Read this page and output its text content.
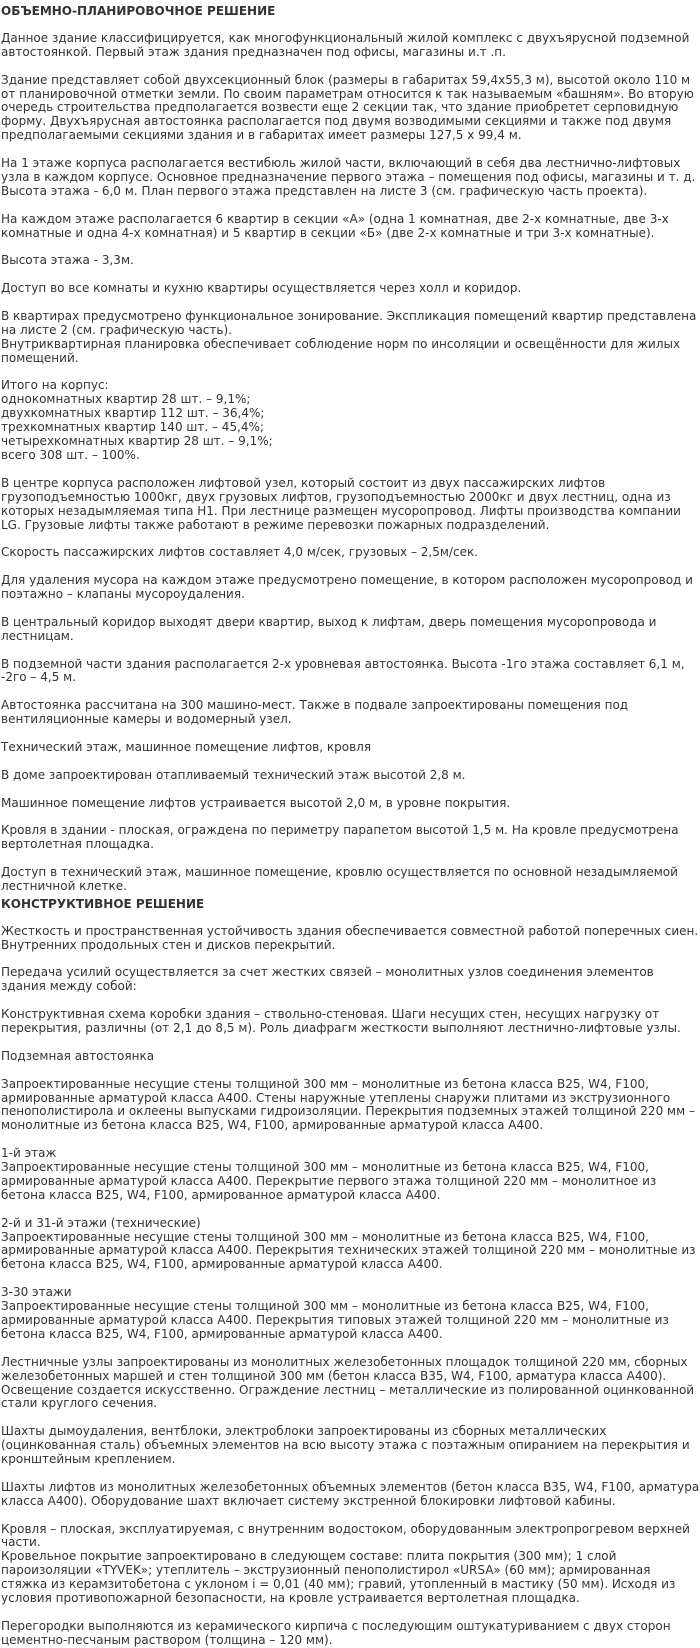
ОБЪЕМНО-ПЛАНИРОВОЧНОЕ РЕШЕНИЕ

Данное здание классифицируется, как многофункциональный жилой комплекс с двухъярусной подземной автостоянкой. Первый этаж здания предназначен под офисы, магазины и.т .п.

Здание представляет собой двухсекционный блок (размеры в габаритах 59,4х55,3 м), высотой около 110 м от планировочной отметки земли. По своим параметрам относится к так называемым «башням». Во вторую очередь строительства предполагается возвести еще 2 секции так, что здание приобретет серповидную форму. Двухъярусная автостоянка располагается под двумя возводимыми секциями и также под двумя предполагаемыми секциями здания и в габаритах имеет размеры 127,5 х 99,4 м.

На 1 этаже корпуса располагается вестибюль жилой части, включающий в себя два лестнично-лифтовых узла в каждом корпусе. Основное предназначение первого этажа – помещения под офисы, магазины и т. д. Высота этажа - 6,0 м. План первого этажа представлен на листе 3 (см. графическую часть проекта).

На каждом этаже располагается 6 квартир в секции «А» (одна 1 комнатная, две 2-х комнатные, две 3-х комнатные и одна 4-х комнатная) и 5 квартир в секции «Б» (две 2-х комнатные и три 3-х комнатные).

Высота этажа - 3,3м.

Доступ во все комнаты и кухню квартиры осуществляется через холл и коридор.

В квартирах предусмотрено функциональное зонирование. Экспликация помещений квартир представлена на листе 2 (см. графическую часть).
Внутриквартирная планировка обеспечивает соблюдение норм по инсоляции и освещённости для жилых помещений.

Итого на корпус:
однокомнатных квартир 28 шт. – 9,1%;
двухкомнатных квартир 112 шт. – 36,4%;
трехкомнатных квартир 140 шт. – 45,4%;
четырехкомнатных квартир 28 шт. – 9,1%;
всего 308 шт. – 100%.

В центре корпуса расположен лифтовой узел, который состоит из двух пассажирских лифтов грузоподъемностью 1000кг, двух грузовых лифтов, грузоподъемностью 2000кг и двух лестниц, одна из которых незадымляемая типа Н1. При лестнице размещен мусоропровод. Лифты производства компании LG. Грузовые лифты также работают в режиме перевозки пожарных подразделений.

Скорость пассажирских лифтов составляет 4,0 м/сек, грузовых – 2,5м/сек.

Для удаления мусора на каждом этаже предусмотрено помещение, в котором расположен мусоропровод и поэтажно – клапаны мусороудаления.

В центральный коридор выходят двери квартир, выход к лифтам, дверь помещения мусоропровода и лестницам.

В подземной части здания располагается 2-х уровневая автостоянка. Высота -1го этажа составляет 6,1 м, -2го – 4,5 м.

Автостоянка рассчитана на 300 машино-мест. Также в подвале запроектированы помещения под вентиляционные камеры и водомерный узел.

Технический этаж, машинное помещение лифтов, кровля

В доме запроектирован отапливаемый технический этаж высотой 2,8 м.

Машинное помещение лифтов устраивается высотой 2,0 м, в уровне покрытия.

Кровля в здании - плоская, ограждена по периметру парапетом высотой 1,5 м. На кровле предусмотрена вертолетная площадка.

Доступ в технический этаж, машинное помещение, кровлю осуществляется по основной незадымляемой лестничной клетке.

КОНСТРУКТИВНОЕ РЕШЕНИЕ

Жесткость и пространственная устойчивость здания обеспечивается совместной работой поперечных сиен. Внутренних продольных стен и дисков перекрытий.

Передача усилий осуществляется за счет жестких связей – монолитных узлов соединения элементов здания между собой:

Конструктивная схема коробки здания – ствольно-стеновая. Шаги несущих стен, несущих нагрузку от перекрытия, различны (от 2,1 до 8,5 м). Роль диафрагм жесткости выполняют лестнично-лифтовые узлы.

Подземная автостоянка

Запроектированные несущие стены толщиной 300 мм – монолитные из бетона класса В25, W4, F100, армированные арматурой класса А400. Стены наружные утеплены снаружи плитами из экструзионного пенополистирола и оклеены выпусками гидроизоляции. Перекрытия подземных этажей толщиной 220 мм – монолитные из бетона класса В25, W4, F100, армированные арматурой класса А400.

1-й этаж
Запроектированные несущие стены толщиной 300 мм – монолитные из бетона класса В25, W4, F100, армированные арматурой класса А400. Перекрытие первого этажа толщиной 220 мм – монолитное из бетона класса В25, W4, F100, армированное арматурой класса А400.

2-й и 31-й этажи (технические)
Запроектированные несущие стены толщиной 300 мм – монолитные из бетона класса В25, W4, F100, армированные арматурой класса А400. Перекрытия технических этажей толщиной 220 мм – монолитные из бетона класса В25, W4, F100, армированные арматурой класса А400.

3-30 этажи
Запроектированные несущие стены толщиной 300 мм – монолитные из бетона класса В25, W4, F100, армированные арматурой класса А400. Перекрытия типовых этажей толщиной 220 мм – монолитные из бетона класса В25, W4, F100, армированные арматурой класса А400.

Лестничные узлы запроектированы из монолитных железобетонных площадок толщиной 220 мм, сборных железобетонных маршей и стен толщиной 300 мм (бетон класса В35, W4, F100, арматура класса А400). Освещение создается искусственно. Ограждение лестниц – металлические из полированной оцинкованной стали круглого сечения.

Шахты дымоудаления, вентблоки, электроблоки запроектированы из сборных металлических (оцинкованная сталь) объемных элементов на всю высоту этажа с поэтажным опиранием на перекрытия и кронштейным креплением.

Шахты лифтов из монолитных железобетонных объемных элементов (бетон класса В35, W4, F100, арматура класса А400). Оборудование шахт включает систему экстренной блокировки лифтовой кабины.

Кровля – плоская, эксплуатируемая, с внутренним водостоком, оборудованным электропрогревом верхней части.
Кровельное покрытие запроектировано в следующем составе: плита покрытия (300 мм); 1 слой пароизоляции «TYVEK»; утеплитель – экструзионный пенополистирол «URSA» (60 мм); армированная стяжка из керамзитобетона с уклоном i = 0,01 (40 мм); гравий, утопленный в мастику (50 мм). Исходя из условия противопожарной безопасности, на кровле устраивается вертолетная площадка.

Перегородки выполняются из керамического кирпича с последующим оштукатуриванием с двух сторон цементно-песчаным раствором (толщина – 120 мм).
